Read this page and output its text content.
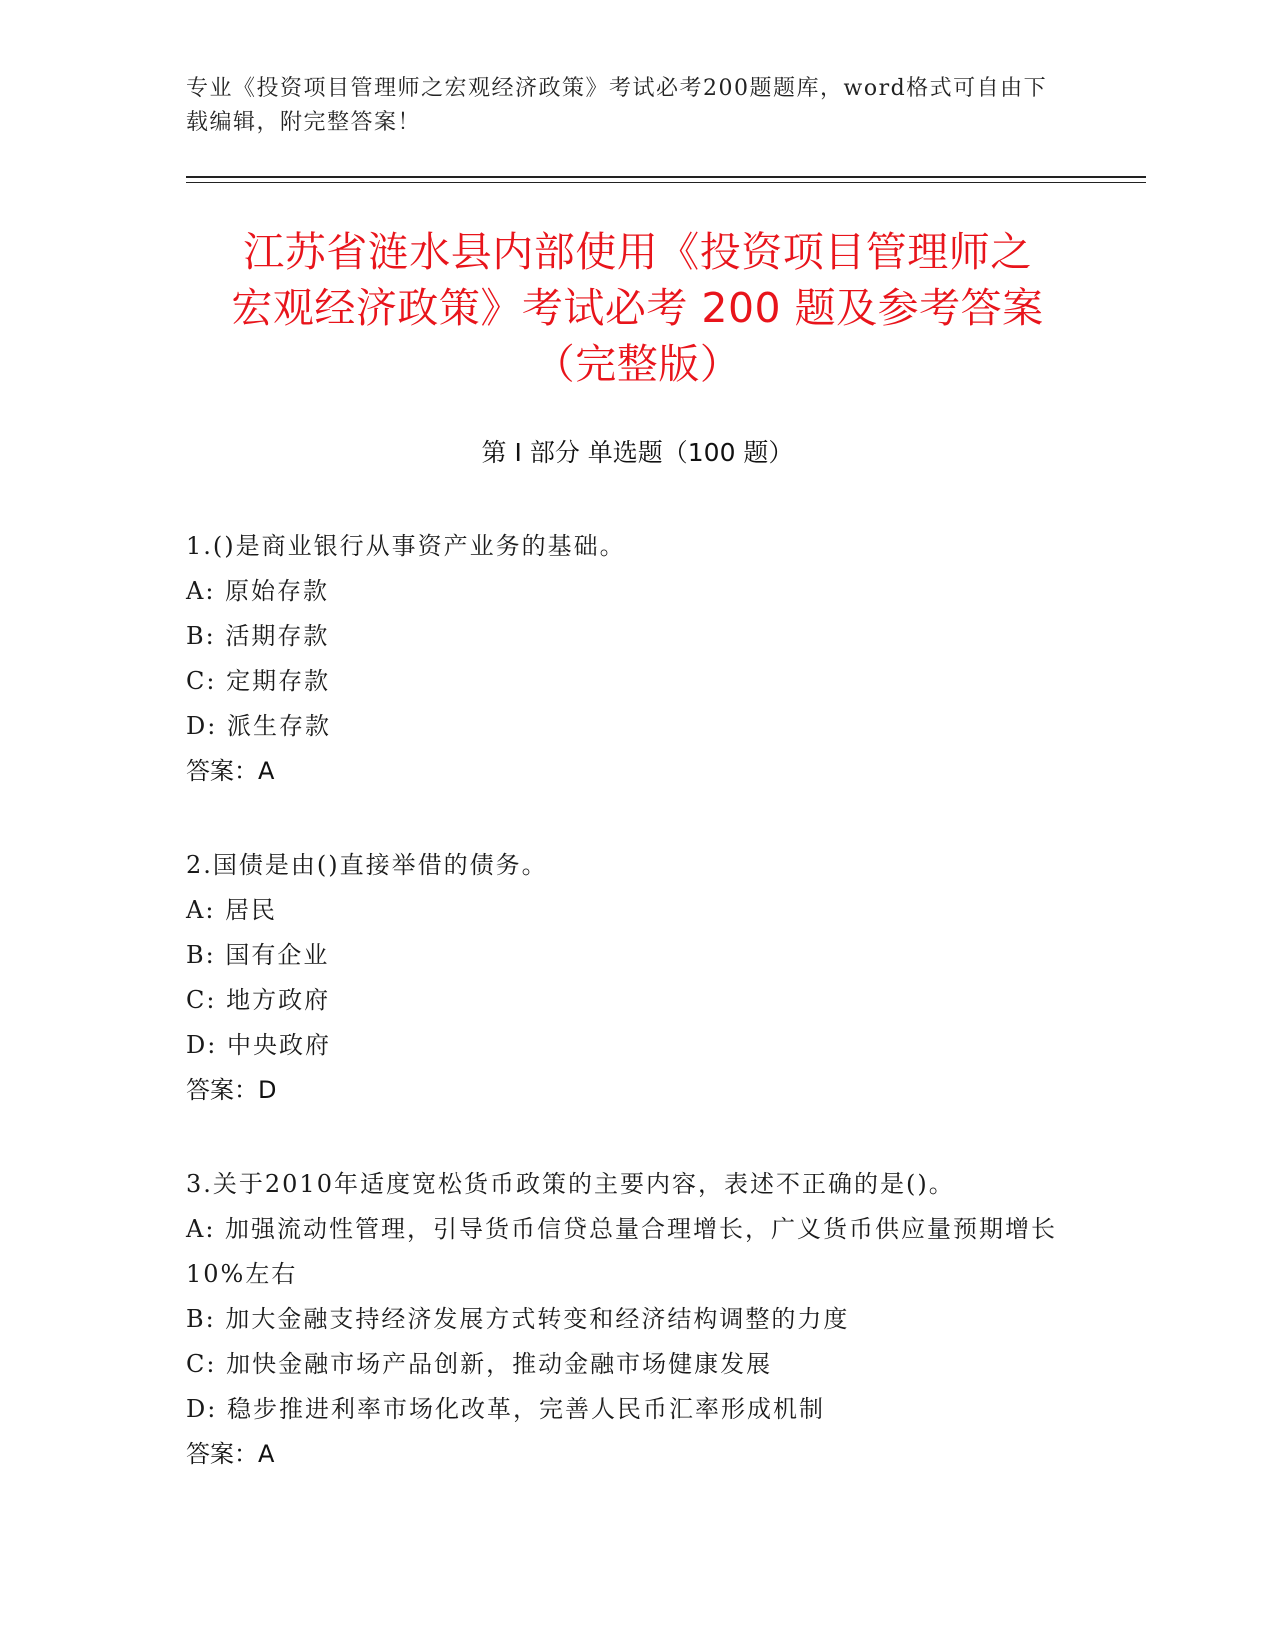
专业《投资项目管理师之宏观经济政策》考试必考200题题库，word格式可自由下载编辑，附完整答案！
江苏省涟水县内部使用《投资项目管理师之
宏观经济政策》考试必考 200 题及参考答案
（完整版）
第 I 部分 单选题（100 题）
1.()是商业银行从事资产业务的基础。
A: 原始存款
B: 活期存款
C: 定期存款
D: 派生存款
答案：A
2.国债是由()直接举借的债务。
A: 居民
B: 国有企业
C: 地方政府
D: 中央政府
答案：D
3.关于2010年适度宽松货币政策的主要内容，表述不正确的是()。
A: 加强流动性管理，引导货币信贷总量合理增长，广义货币供应量预期增长10%左右
B: 加大金融支持经济发展方式转变和经济结构调整的力度
C: 加快金融市场产品创新，推动金融市场健康发展
D: 稳步推进利率市场化改革，完善人民币汇率形成机制
答案：A
